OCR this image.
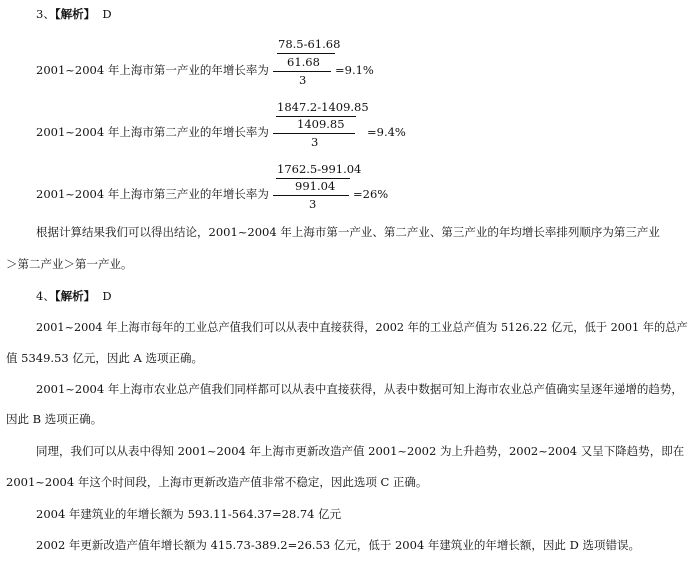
3、【解析】 D
2001~2004 年上海市第一产业的年增长率为
78.5-61.68
61.68
3
=9.1%
2001~2004 年上海市第二产业的年增长率为
1847.2-1409.85
1409.85
3
=9.4%
2001~2004 年上海市第三产业的年增长率为
1762.5-991.04
991.04
3
=26%
根据计算结果我们可以得出结论，2001~2004 年上海市第一产业、第二产业、第三产业的年均增长率排列顺序为第三产业
＞第二产业＞第一产业。
4、【解析】 D
2001~2004 年上海市每年的工业总产值我们可以从表中直接获得，2002 年的工业总产值为 5126.22 亿元，低于 2001 年的总产
值 5349.53 亿元，因此 A 选项正确。
2001~2004 年上海市农业总产值我们同样都可以从表中直接获得，从表中数据可知上海市农业总产值确实呈逐年递增的趋势，
因此 B 选项正确。
同理，我们可以从表中得知 2001~2004 年上海市更新改造产值 2001~2002 为上升趋势，2002~2004 又呈下降趋势，即在
2001~2004 年这个时间段，上海市更新改造产值非常不稳定，因此选项 C 正确。
2004 年建筑业的年增长额为 593.11-564.37=28.74 亿元
2002 年更新改造产值年增长额为 415.73-389.2=26.53 亿元，低于 2004 年建筑业的年增长额，因此 D 选项错误。
